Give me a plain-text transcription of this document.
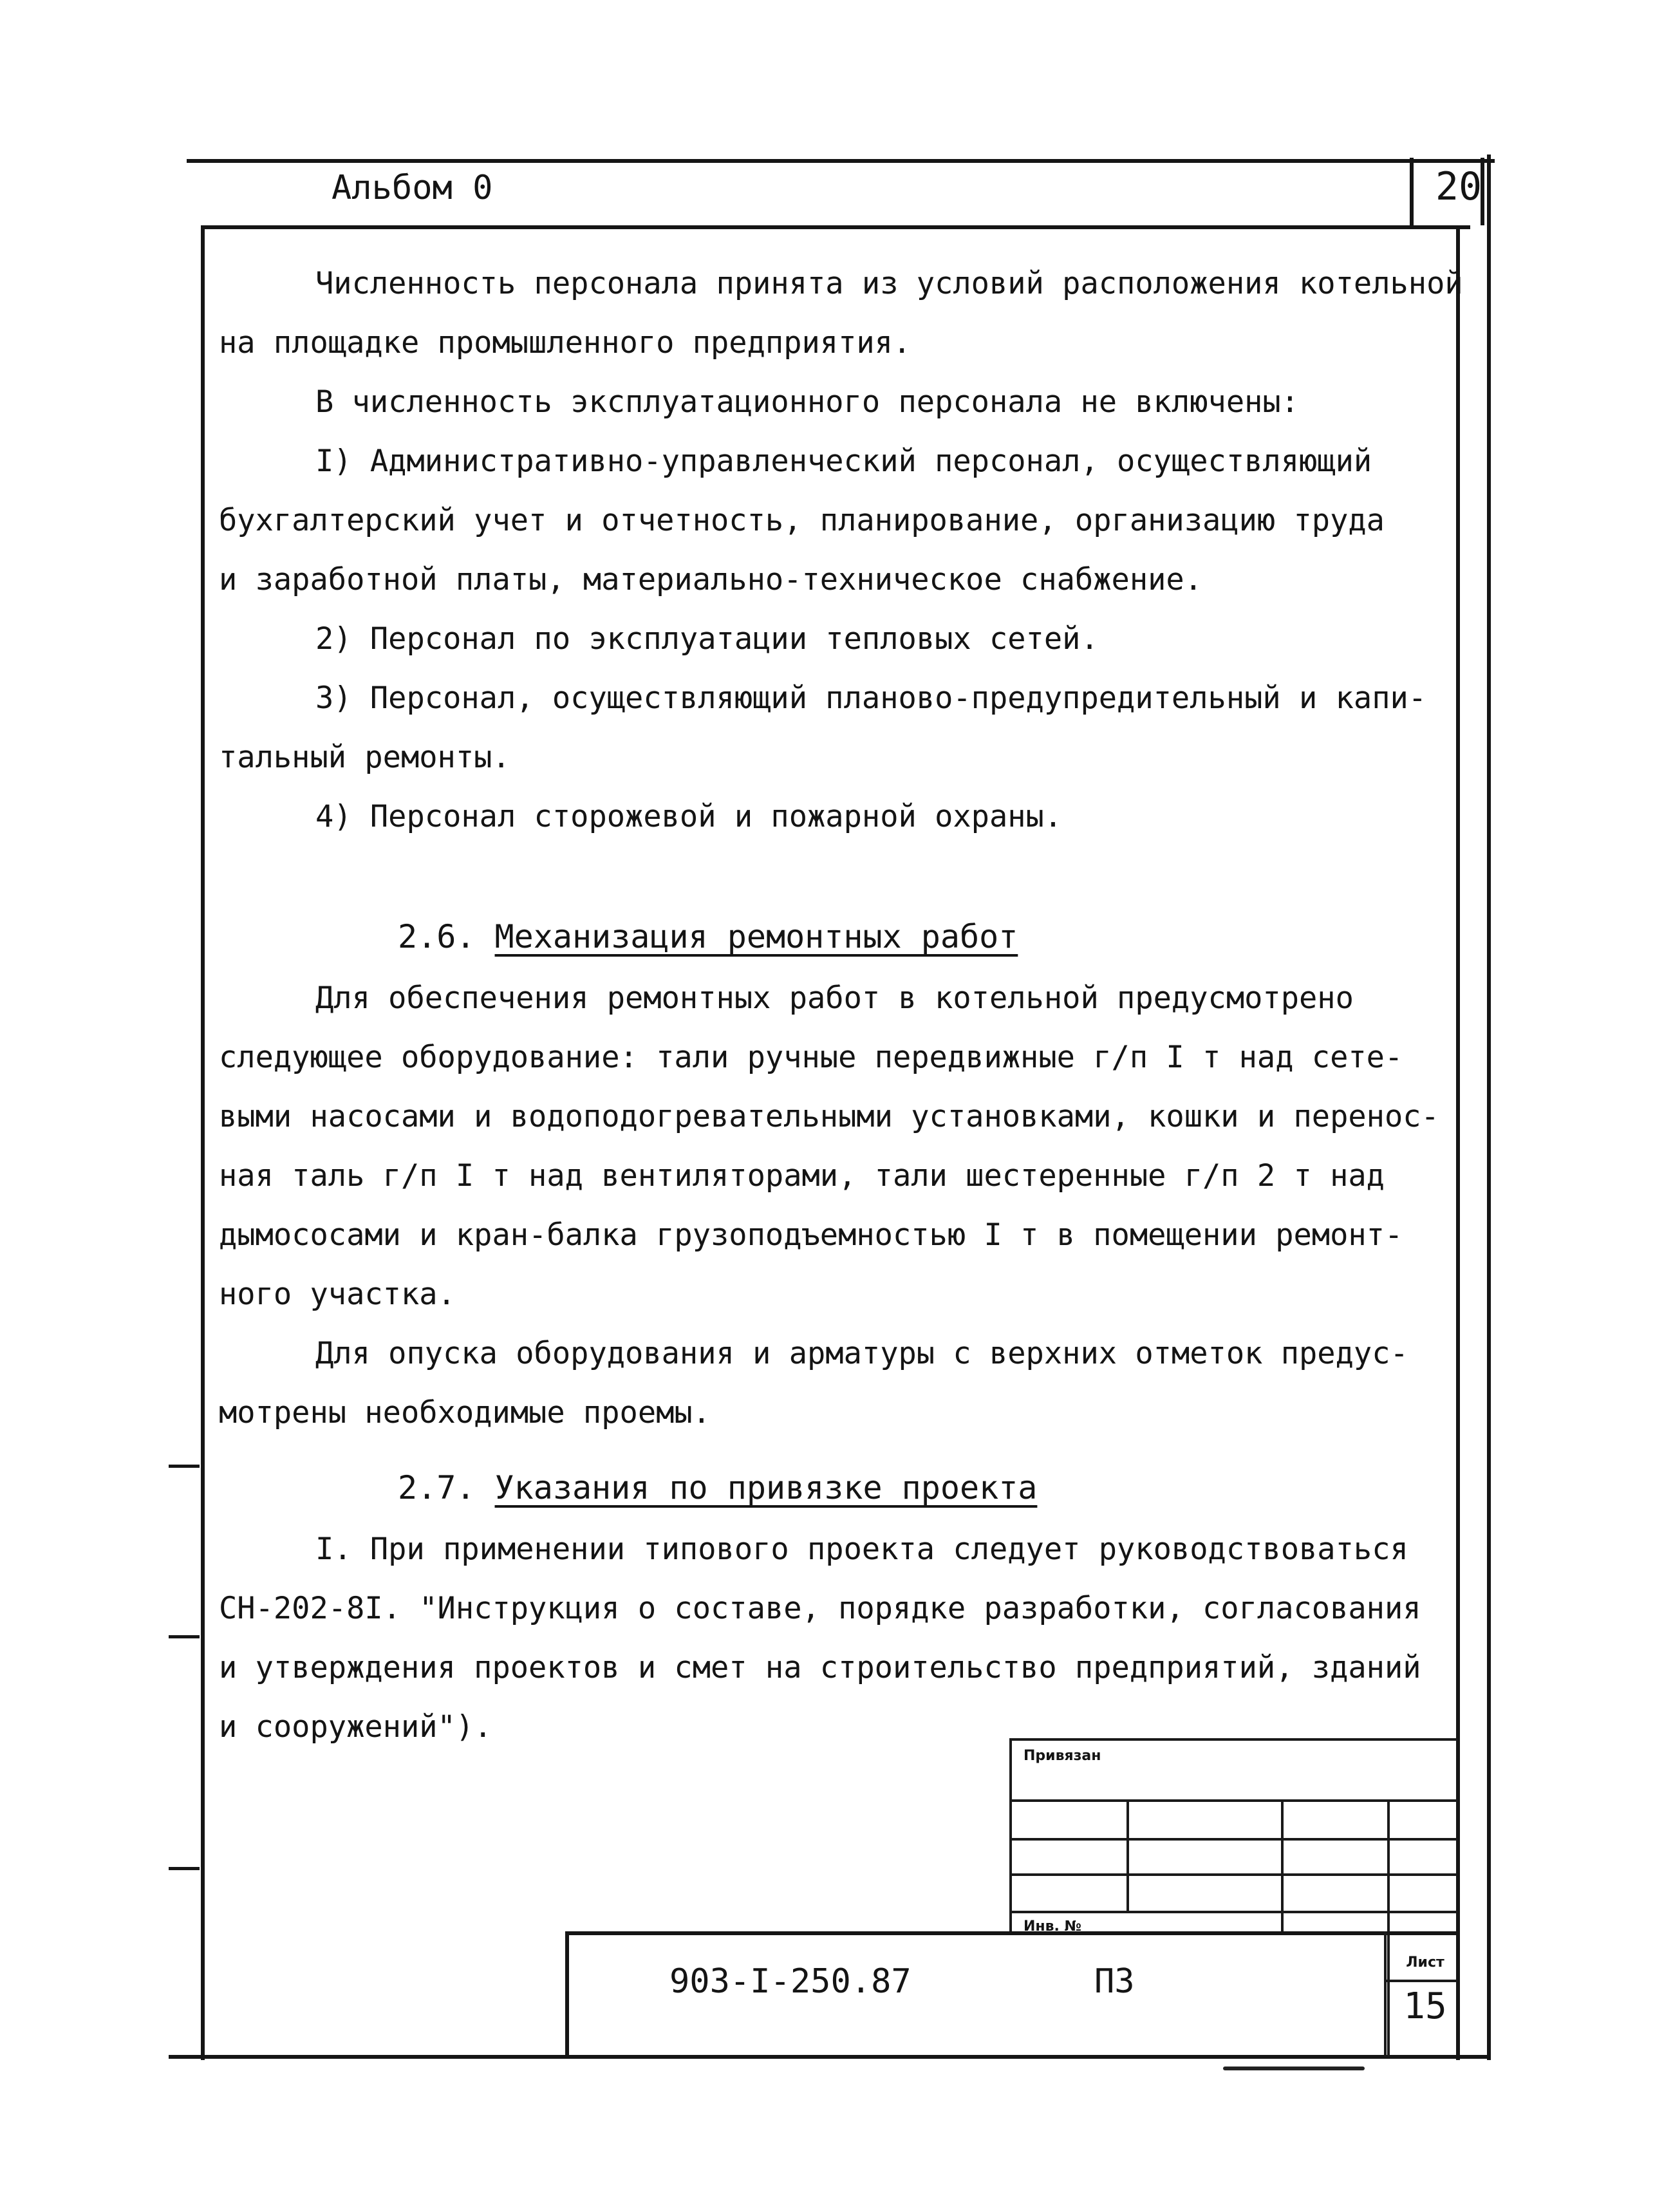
Альбом 0	20

Численность персонала принята из условий расположения котельной

на площадке промышленного предприятия.

В численность эксплуатационного персонала не включены:

I) Административно-управленческий персонал, осуществляющий

бухгалтерский учет и отчетность, планирование, организацию труда

и заработной платы, материально-техническое снабжение.

2) Персонал по эксплуатации тепловых сетей.

3) Персонал, осуществляющий планово-предупредительный и капи-

тальный ремонты.

4) Персонал сторожевой и пожарной охраны.

2.6. Механизация ремонтных работ

Для обеспечения ремонтных работ в котельной предусмотрено

следующее оборудование: тали ручные передвижные г/п I т над сете-

выми насосами и водоподогревательными установками, кошки и перенос-

ная таль г/п I т над вентиляторами, тали шестеренные г/п 2 т над

дымососами и кран-балка грузоподъемностью I т в помещении ремонт-

ного участка.

Для опуска оборудования и арматуры с верхних отметок предус-

мотрены необходимые проемы.

2.7. Указания по привязке проекта

I. При применении типового проекта следует руководствоваться

СН-202-8I. "Инструкция о составе, порядке разработки, согласования

и утверждения проектов и смет на строительство предприятий, зданий

и сооружений").

Привязан
Инв. №
903-I-250.87	ПЗ	Лист
15
